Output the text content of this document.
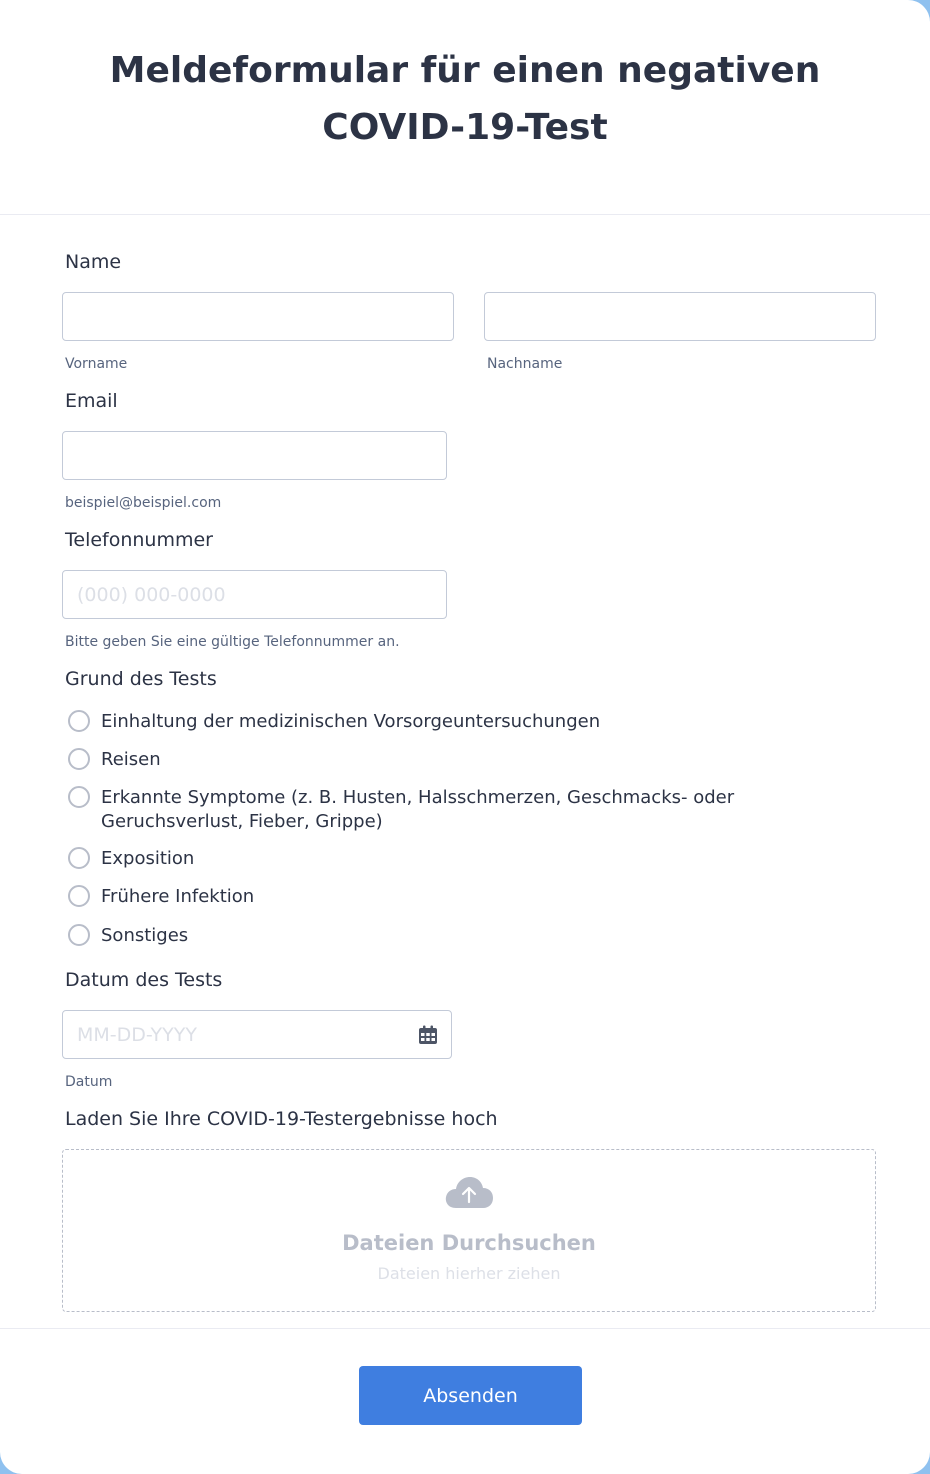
Meldeformular für einen negativen COVID-19-Test
Name
Vorname	Nachname
Email
beispiel@beispiel.com
Telefonnummer
(000) 000-0000
Bitte geben Sie eine gültige Telefonnummer an.
Grund des Tests
Einhaltung der medizinischen Vorsorgeuntersuchungen
Reisen
Erkannte Symptome (z. B. Husten, Halsschmerzen, Geschmacks- oder Geruchsverlust, Fieber, Grippe)
Exposition
Frühere Infektion
Sonstiges
Datum des Tests
MM-DD-YYYY
Datum
Laden Sie Ihre COVID-19-Testergebnisse hoch
Dateien Durchsuchen
Dateien hierher ziehen
Absenden
